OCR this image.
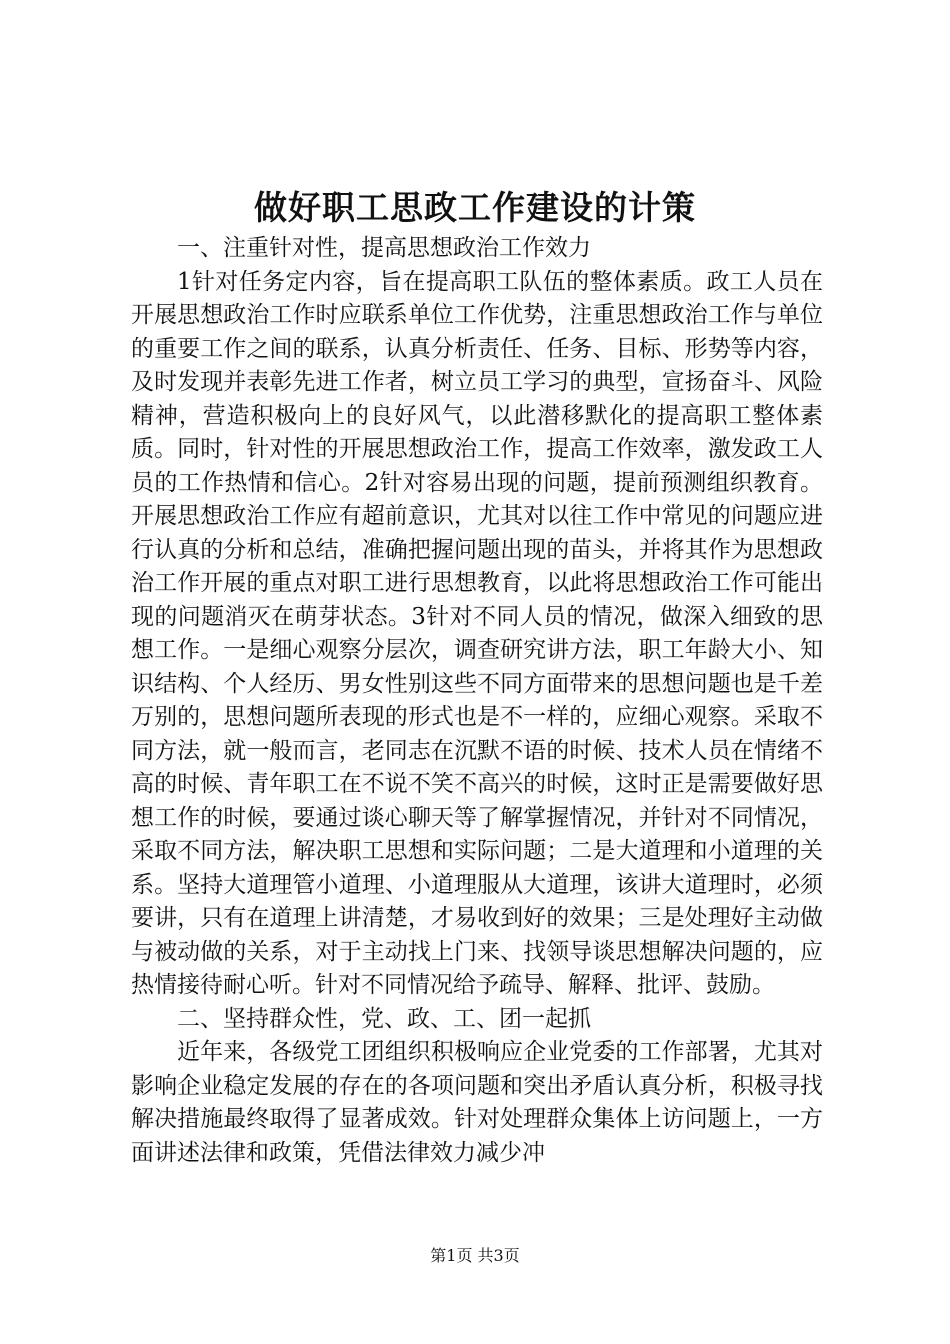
做好职工思政工作建设的计策

一、注重针对性，提高思想政治工作效力

1针对任务定内容，旨在提高职工队伍的整体素质。政工人员在开展思想政治工作时应联系单位工作优势，注重思想政治工作与单位的重要工作之间的联系，认真分析责任、任务、目标、形势等内容，及时发现并表彰先进工作者，树立员工学习的典型，宣扬奋斗、风险精神，营造积极向上的良好风气，以此潜移默化的提高职工整体素质。同时，针对性的开展思想政治工作，提高工作效率，激发政工人员的工作热情和信心。2针对容易出现的问题，提前预测组织教育。开展思想政治工作应有超前意识，尤其对以往工作中常见的问题应进行认真的分析和总结，准确把握问题出现的苗头，并将其作为思想政治工作开展的重点对职工进行思想教育，以此将思想政治工作可能出现的问题消灭在萌芽状态。3针对不同人员的情况，做深入细致的思想工作。一是细心观察分层次，调查研究讲方法，职工年龄大小、知识结构、个人经历、男女性别这些不同方面带来的思想问题也是千差万别的，思想问题所表现的形式也是不一样的，应细心观察。采取不同方法，就一般而言，老同志在沉默不语的时候、技术人员在情绪不高的时候、青年职工在不说不笑不高兴的时候，这时正是需要做好思想工作的时候，要通过谈心聊天等了解掌握情况，并针对不同情况，采取不同方法，解决职工思想和实际问题；二是大道理和小道理的关系。坚持大道理管小道理、小道理服从大道理，该讲大道理时，必须要讲，只有在道理上讲清楚，才易收到好的效果；三是处理好主动做与被动做的关系，对于主动找上门来、找领导谈思想解决问题的，应热情接待耐心听。针对不同情况给予疏导、解释、批评、鼓励。

二、坚持群众性，党、政、工、团一起抓

近年来，各级党工团组织积极响应企业党委的工作部署，尤其对影响企业稳定发展的存在的各项问题和突出矛盾认真分析，积极寻找解决措施最终取得了显著成效。针对处理群众集体上访问题上，一方面讲述法律和政策，凭借法律效力减少冲

第1页 共3页
